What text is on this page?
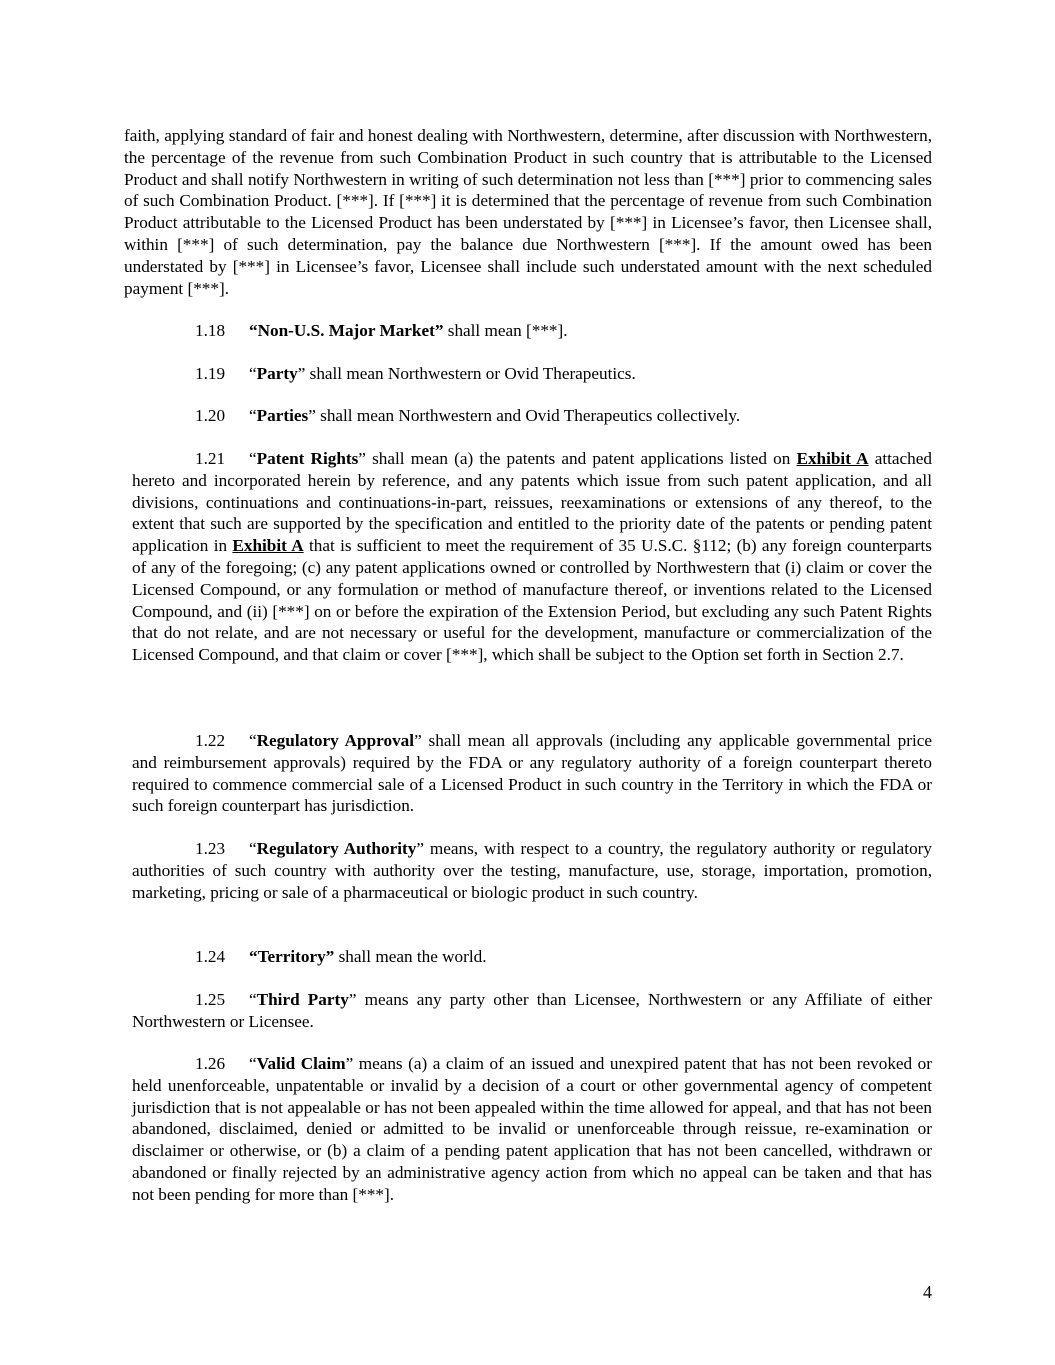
faith, applying standard of fair and honest dealing with Northwestern, determine, after discussion with Northwestern, the percentage of the revenue from such Combination Product in such country that is attributable to the Licensed Product and shall notify Northwestern in writing of such determination not less than [***] prior to commencing sales of such Combination Product. [***]. If [***] it is determined that the percentage of revenue from such Combination Product attributable to the Licensed Product has been understated by [***] in Licensee’s favor, then Licensee shall, within [***] of such determination, pay the balance due Northwestern [***]. If the amount owed has been understated by [***] in Licensee’s favor, Licensee shall include such understated amount with the next scheduled payment [***].

1.18 “Non-U.S. Major Market” shall mean [***].

1.19 “Party” shall mean Northwestern or Ovid Therapeutics.

1.20 “Parties” shall mean Northwestern and Ovid Therapeutics collectively.

1.21 “Patent Rights” shall mean (a) the patents and patent applications listed on Exhibit A attached hereto and incorporated herein by reference, and any patents which issue from such patent application, and all divisions, continuations and continuations-in-part, reissues, reexaminations or extensions of any thereof, to the extent that such are supported by the specification and entitled to the priority date of the patents or pending patent application in Exhibit A that is sufficient to meet the requirement of 35 U.S.C. §112; (b) any foreign counterparts of any of the foregoing; (c) any patent applications owned or controlled by Northwestern that (i) claim or cover the Licensed Compound, or any formulation or method of manufacture thereof, or inventions related to the Licensed Compound, and (ii) [***] on or before the expiration of the Extension Period, but excluding any such Patent Rights that do not relate, and are not necessary or useful for the development, manufacture or commercialization of the Licensed Compound, and that claim or cover [***], which shall be subject to the Option set forth in Section 2.7.

1.22 “Regulatory Approval” shall mean all approvals (including any applicable governmental price and reimbursement approvals) required by the FDA or any regulatory authority of a foreign counterpart thereto required to commence commercial sale of a Licensed Product in such country in the Territory in which the FDA or such foreign counterpart has jurisdiction.

1.23 “Regulatory Authority” means, with respect to a country, the regulatory authority or regulatory authorities of such country with authority over the testing, manufacture, use, storage, importation, promotion, marketing, pricing or sale of a pharmaceutical or biologic product in such country.

1.24 “Territory” shall mean the world.

1.25 “Third Party” means any party other than Licensee, Northwestern or any Affiliate of either Northwestern or Licensee.

1.26 “Valid Claim” means (a) a claim of an issued and unexpired patent that has not been revoked or held unenforceable, unpatentable or invalid by a decision of a court or other governmental agency of competent jurisdiction that is not appealable or has not been appealed within the time allowed for appeal, and that has not been abandoned, disclaimed, denied or admitted to be invalid or unenforceable through reissue, re-examination or disclaimer or otherwise, or (b) a claim of a pending patent application that has not been cancelled, withdrawn or abandoned or finally rejected by an administrative agency action from which no appeal can be taken and that has not been pending for more than [***].

4
